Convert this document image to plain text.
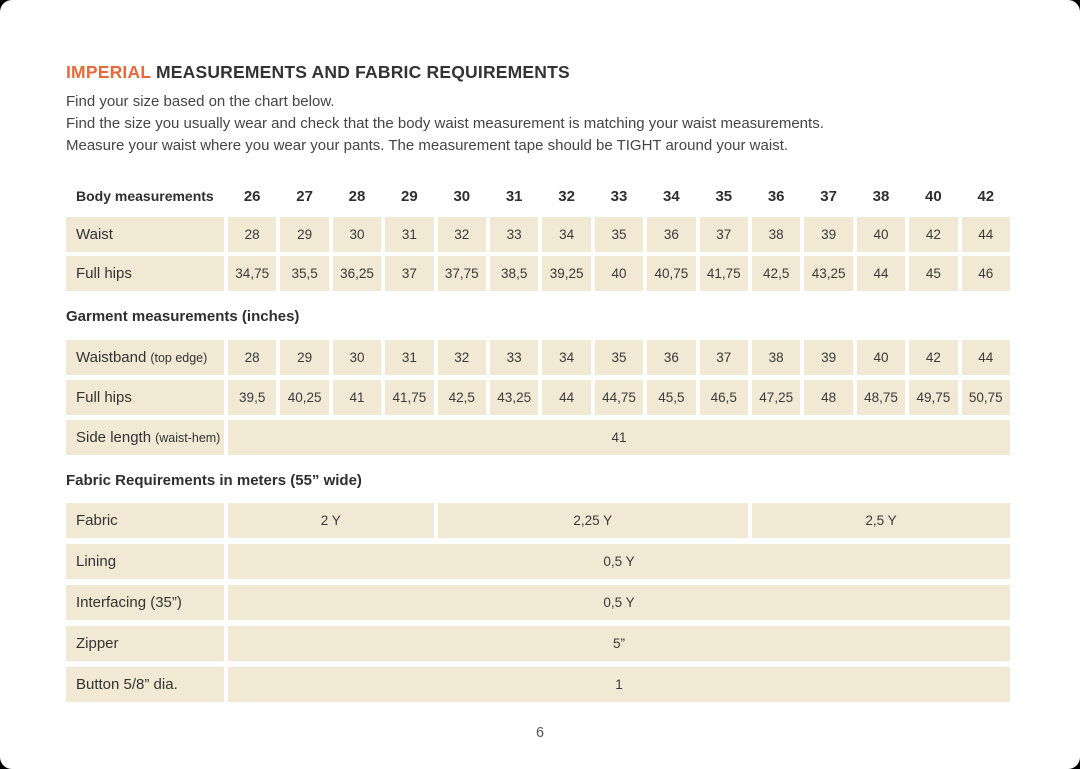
IMPERIAL MEASUREMENTS AND FABRIC REQUIREMENTS

Find your size based on the chart below.

Find the size you usually wear and check that the body waist measurement is matching your waist measurements.

Measure your waist where you wear your pants. The measurement tape should be TIGHT around your waist.

Body measurements	26	27	28	29	30	31	32	33	34	35	36	37	38	40	42
Waist	28	29	30	31	32	33	34	35	36	37	38	39	40	42	44
Full hips	34,75	35,5	36,25	37	37,75	38,5	39,25	40	40,75	41,75	42,5	43,25	44	45	46
Garment measurements (inches)
Waistband (top edge)	28	29	30	31	32	33	34	35	36	37	38	39	40	42	44
Full hips	39,5	40,25	41	41,75	42,5	43,25	44	44,75	45,5	46,5	47,25	48	48,75	49,75	50,75
Side length (waist-hem)	41
Fabric Requirements in meters (55” wide)
Fabric	2 Y	2,25 Y	2,5 Y
Lining	0,5 Y
Interfacing (35”)	0,5 Y
Zipper	5”
Button 5/8” dia.	1
6
